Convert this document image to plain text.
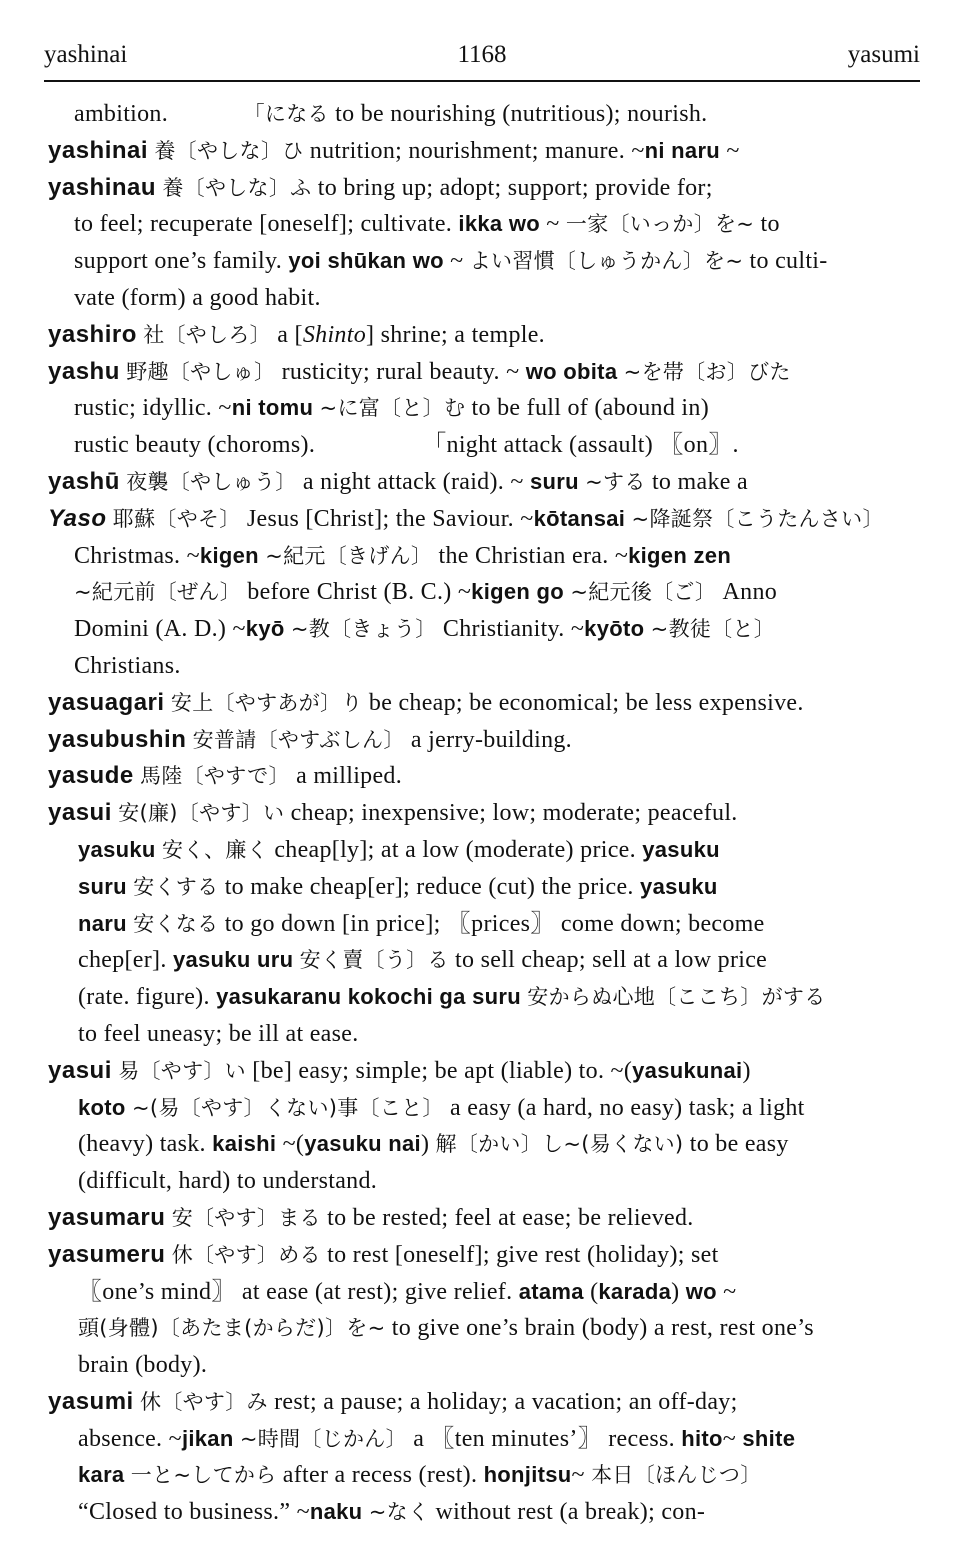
yashinai	1168	yasumi
ambition.            「になる to be nourishing (nutritious); nourish.
yashinai 養〔やしな〕ひ nutrition; nourishment; manure. ~ni naru ~
yashinau 養〔やしな〕ふ to bring up; adopt; support; provide for;
to feel; recuperate [oneself]; cultivate. ikka wo ~ 一家〔いっか〕を~ to
support one’s family. yoi shūkan wo ~ よい習慣〔しゅうかん〕を~ to culti-
vate (form) a good habit.
yashiro 社〔やしろ〕 a [Shinto] shrine; a temple.
yashu 野趣〔やしゅ〕 rusticity; rural beauty. ~ wo obita ~を帯〔お〕びた
rustic; idyllic. ~ni tomu ~に富〔と〕む to be full of (abound in)
rustic beauty (choroms).                 「night attack (assault) 〖on〗.
yashū 夜襲〔やしゅう〕 a night attack (raid). ~ suru ~する to make a
Yaso 耶蘇〔やそ〕 Jesus [Christ]; the Saviour. ~kōtansai ~降誕祭〔こうたんさい〕
Christmas. ~kigen ~紀元〔きげん〕 the Christian era. ~kigen zen
~紀元前〔ぜん〕 before Christ (B. C.) ~kigen go ~紀元後〔ご〕 Anno
Domini (A. D.) ~kyō ~教〔きょう〕 Christianity. ~kyōto ~教徒〔と〕
Christians.
yasuagari 安上〔やすあが〕り be cheap; be economical; be less expensive.
yasubushin 安普請〔やすぶしん〕 a jerry-building.
yasude 馬陸〔やすで〕 a milliped.
yasui 安(廉)〔やす〕い cheap; inexpensive; low; moderate; peaceful.
yasuku 安く、廉く cheap[ly]; at a low (moderate) price. yasuku
suru 安くする to make cheap[er]; reduce (cut) the price. yasuku
naru 安くなる to go down [in price]; 〖prices〗 come down; become
chep[er]. yasuku uru 安く賣〔う〕る to sell cheap; sell at a low price
(rate. figure). yasukaranu kokochi ga suru 安からぬ心地〔ここち〕がする
to feel uneasy; be ill at ease.
yasui 易〔やす〕い [be] easy; simple; be apt (liable) to. ~(yasukunai)
koto ~(易〔やす〕くない)事〔こと〕 a easy (a hard, no easy) task; a light
(heavy) task. kaishi ~(yasuku nai) 解〔かい〕し~(易くない) to be easy
(difficult, hard) to understand.
yasumaru 安〔やす〕まる to be rested; feel at ease; be relieved.
yasumeru 休〔やす〕める to rest [oneself]; give rest (holiday); set
〖one’s mind〗 at ease (at rest); give relief. atama (karada) wo ~
頭(身體)〔あたま(からだ)〕を~ to give one’s brain (body) a rest, rest one’s
brain (body).
yasumi 休〔やす〕み rest; a pause; a holiday; a vacation; an off-day;
absence. ~jikan ~時間〔じかん〕 a 〖ten minutes’〗 recess. hito~ shite
kara 一と~してから after a recess (rest). honjitsu~ 本日〔ほんじつ〕
“Closed to business.” ~naku ~なく without rest (a break); con-
